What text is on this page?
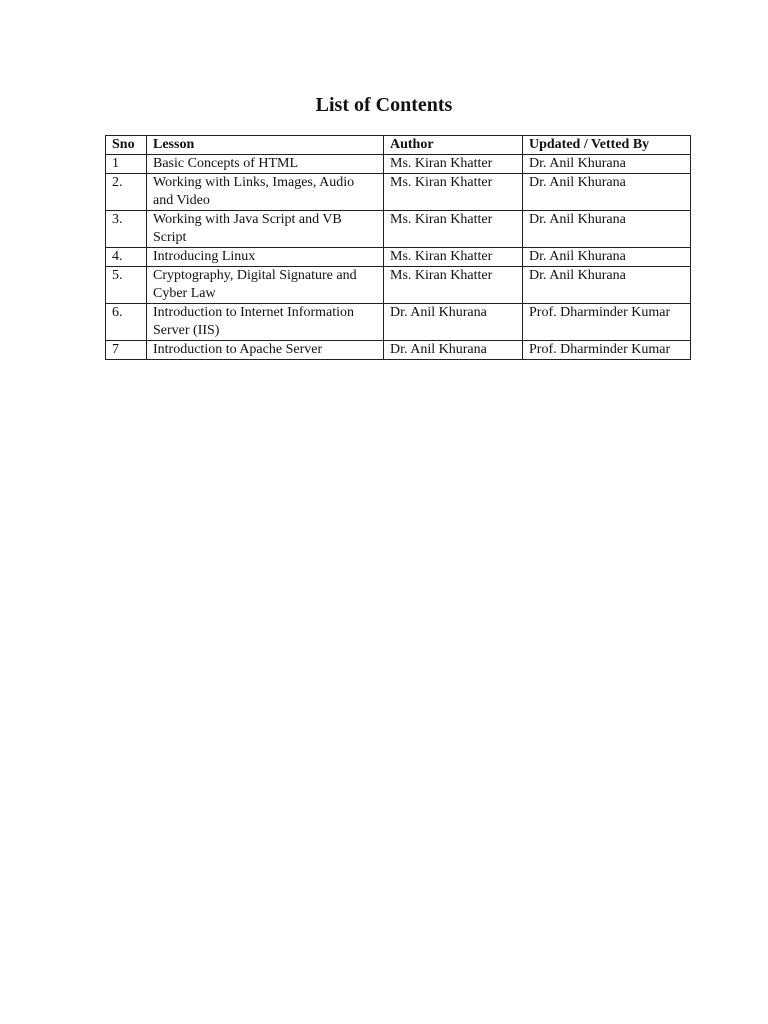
List of Contents
Sno	Lesson	Author	Updated / Vetted By
1	Basic Concepts of HTML	Ms. Kiran Khatter	Dr. Anil Khurana
2.	Working with Links, Images, Audio and Video	Ms. Kiran Khatter	Dr. Anil Khurana
3.	Working with Java Script and VB Script	Ms. Kiran Khatter	Dr. Anil Khurana
4.	Introducing Linux	Ms. Kiran Khatter	Dr. Anil Khurana
5.	Cryptography, Digital Signature and Cyber Law	Ms. Kiran Khatter	Dr. Anil Khurana
6.	Introduction to Internet Information Server (IIS)	Dr. Anil Khurana	Prof. Dharminder Kumar
7	Introduction to Apache Server	Dr. Anil Khurana	Prof. Dharminder Kumar
